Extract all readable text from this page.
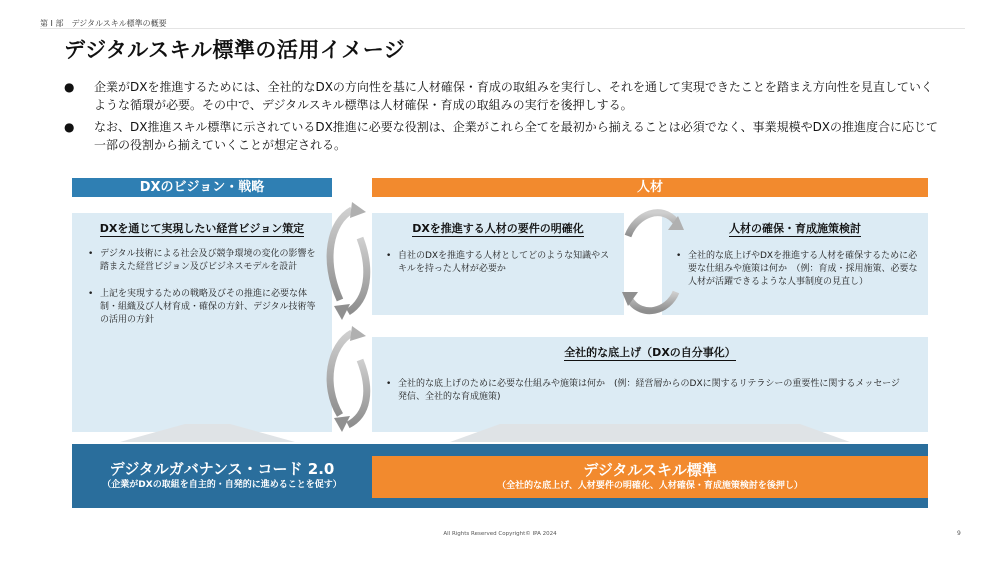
第 I 部　デジタルスキル標準の概要
デジタルスキル標準の活用イメージ
● 企業がDXを推進するためには、全社的なDXの方向性を基に人材確保・育成の取組みを実行し、それを通して実現できたことを踏まえ方向性を見直していくような循環が必要。その中で、デジタルスキル標準は人材確保・育成の取組みの実行を後押しする。
● なお、DX推進スキル標準に示されているDX推進に必要な役割は、企業がこれら全てを最初から揃えることは必須でなく、事業規模やDXの推進度合に応じて一部の役割から揃えていくことが想定される。
DXのビジョン・戦略	人材
DXを通じて実現したい経営ビジョン策定
• デジタル技術による社会及び競争環境の変化の影響を踏まえた経営ビジョン及びビジネスモデルを設計
• 上記を実現するための戦略及びその推進に必要な体制・組織及び人材育成・確保の方針、デジタル技術等の活用の方針
DXを推進する人材の要件の明確化
• 自社のDXを推進する人材としてどのような知識やスキルを持った人材が必要か
人材の確保・育成施策検討
• 全社的な底上げやDXを推進する人材を確保するために必要な仕組みや施策は何か　（例：育成・採用施策、必要な人材が活躍できるような人事制度の見直し）
全社的な底上げ（DXの自分事化）
• 全社的な底上げのために必要な仕組みや施策は何か　(例：経営層からのDXに関するリテラシーの重要性に関するメッセージ発信、全社的な育成施策)
デジタルガバナンス・コード 2.0
（企業がDXの取組を自主的・自発的に進めることを促す）
デジタルスキル標準
（全社的な底上げ、人材要件の明確化、人材確保・育成施策検討を後押し）
All Rights Reserved Copyright© IPA 2024	9
